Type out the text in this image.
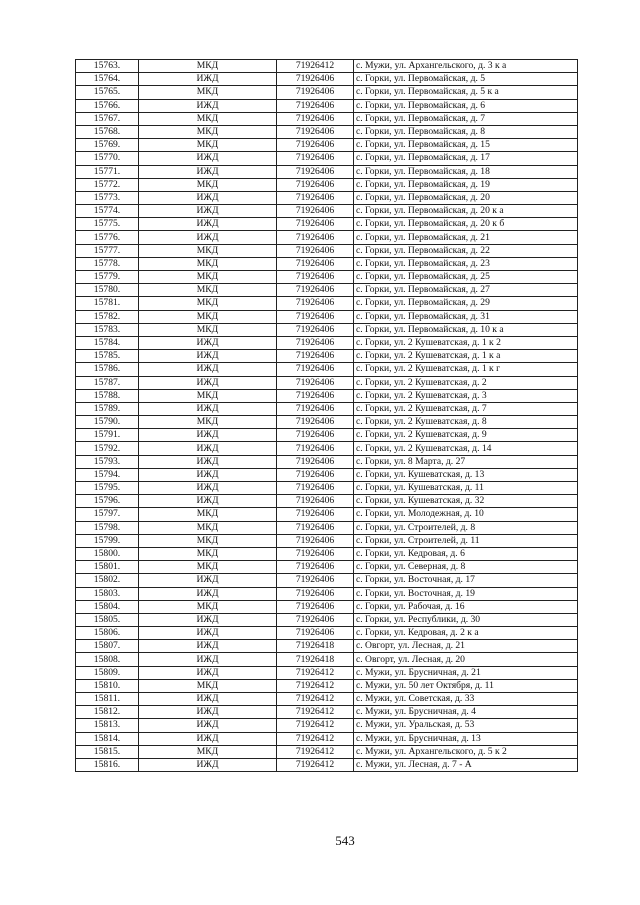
15763.	МКД	71926412	с. Мужи, ул. Архангельского, д. 3 к а
15764.	ИЖД	71926406	с. Горки, ул. Первомайская, д. 5
15765.	МКД	71926406	с. Горки, ул. Первомайская, д. 5 к а
15766.	ИЖД	71926406	с. Горки, ул. Первомайская, д. 6
15767.	МКД	71926406	с. Горки, ул. Первомайская, д. 7
15768.	МКД	71926406	с. Горки, ул. Первомайская, д. 8
15769.	МКД	71926406	с. Горки, ул. Первомайская, д. 15
15770.	ИЖД	71926406	с. Горки, ул. Первомайская, д. 17
15771.	ИЖД	71926406	с. Горки, ул. Первомайская, д. 18
15772.	МКД	71926406	с. Горки, ул. Первомайская, д. 19
15773.	ИЖД	71926406	с. Горки, ул. Первомайская, д. 20
15774.	ИЖД	71926406	с. Горки, ул. Первомайская, д. 20 к а
15775.	ИЖД	71926406	с. Горки, ул. Первомайская, д. 20 к б
15776.	ИЖД	71926406	с. Горки, ул. Первомайская, д. 21
15777.	МКД	71926406	с. Горки, ул. Первомайская, д. 22
15778.	МКД	71926406	с. Горки, ул. Первомайская, д. 23
15779.	МКД	71926406	с. Горки, ул. Первомайская, д. 25
15780.	МКД	71926406	с. Горки, ул. Первомайская, д. 27
15781.	МКД	71926406	с. Горки, ул. Первомайская, д. 29
15782.	МКД	71926406	с. Горки, ул. Первомайская, д. 31
15783.	МКД	71926406	с. Горки, ул. Первомайская, д. 10 к а
15784.	ИЖД	71926406	с. Горки, ул. 2 Кушеватская, д. 1 к 2
15785.	ИЖД	71926406	с. Горки, ул. 2 Кушеватская, д. 1 к а
15786.	ИЖД	71926406	с. Горки, ул. 2 Кушеватская, д. 1 к г
15787.	ИЖД	71926406	с. Горки, ул. 2 Кушеватская, д. 2
15788.	МКД	71926406	с. Горки, ул. 2 Кушеватская, д. 3
15789.	ИЖД	71926406	с. Горки, ул. 2 Кушеватская, д. 7
15790.	МКД	71926406	с. Горки, ул. 2 Кушеватская, д. 8
15791.	ИЖД	71926406	с. Горки, ул. 2 Кушеватская, д. 9
15792.	ИЖД	71926406	с. Горки, ул. 2 Кушеватская, д. 14
15793.	ИЖД	71926406	с. Горки, ул. 8 Марта, д. 27
15794.	ИЖД	71926406	с. Горки, ул. Кушеватская, д. 13
15795.	ИЖД	71926406	с. Горки, ул. Кушеватская, д. 11
15796.	ИЖД	71926406	с. Горки, ул. Кушеватская, д. 32
15797.	МКД	71926406	с. Горки, ул. Молодежная, д. 10
15798.	МКД	71926406	с. Горки, ул. Строителей, д. 8
15799.	МКД	71926406	с. Горки, ул. Строителей, д. 11
15800.	МКД	71926406	с. Горки, ул. Кедровая, д. 6
15801.	МКД	71926406	с. Горки, ул. Северная, д. 8
15802.	ИЖД	71926406	с. Горки, ул. Восточная, д. 17
15803.	ИЖД	71926406	с. Горки, ул. Восточная, д. 19
15804.	МКД	71926406	с. Горки, ул. Рабочая, д. 16
15805.	ИЖД	71926406	с. Горки, ул. Республики, д. 30
15806.	ИЖД	71926406	с. Горки, ул. Кедровая, д. 2 к а
15807.	ИЖД	71926418	с. Овгорт, ул. Лесная, д. 21
15808.	ИЖД	71926418	с. Овгорт, ул. Лесная, д. 20
15809.	ИЖД	71926412	с. Мужи, ул. Брусничная, д. 21
15810.	МКД	71926412	с. Мужи, ул. 50 лет Октября, д. 11
15811.	ИЖД	71926412	с. Мужи, ул. Советская, д. 33
15812.	ИЖД	71926412	с. Мужи, ул. Брусничная, д. 4
15813.	ИЖД	71926412	с. Мужи, ул. Уральская, д. 53
15814.	ИЖД	71926412	с. Мужи, ул. Брусничная, д. 13
15815.	МКД	71926412	с. Мужи, ул. Архангельского, д. 5 к 2
15816.	ИЖД	71926412	с. Мужи, ул. Лесная, д. 7 - А
543
